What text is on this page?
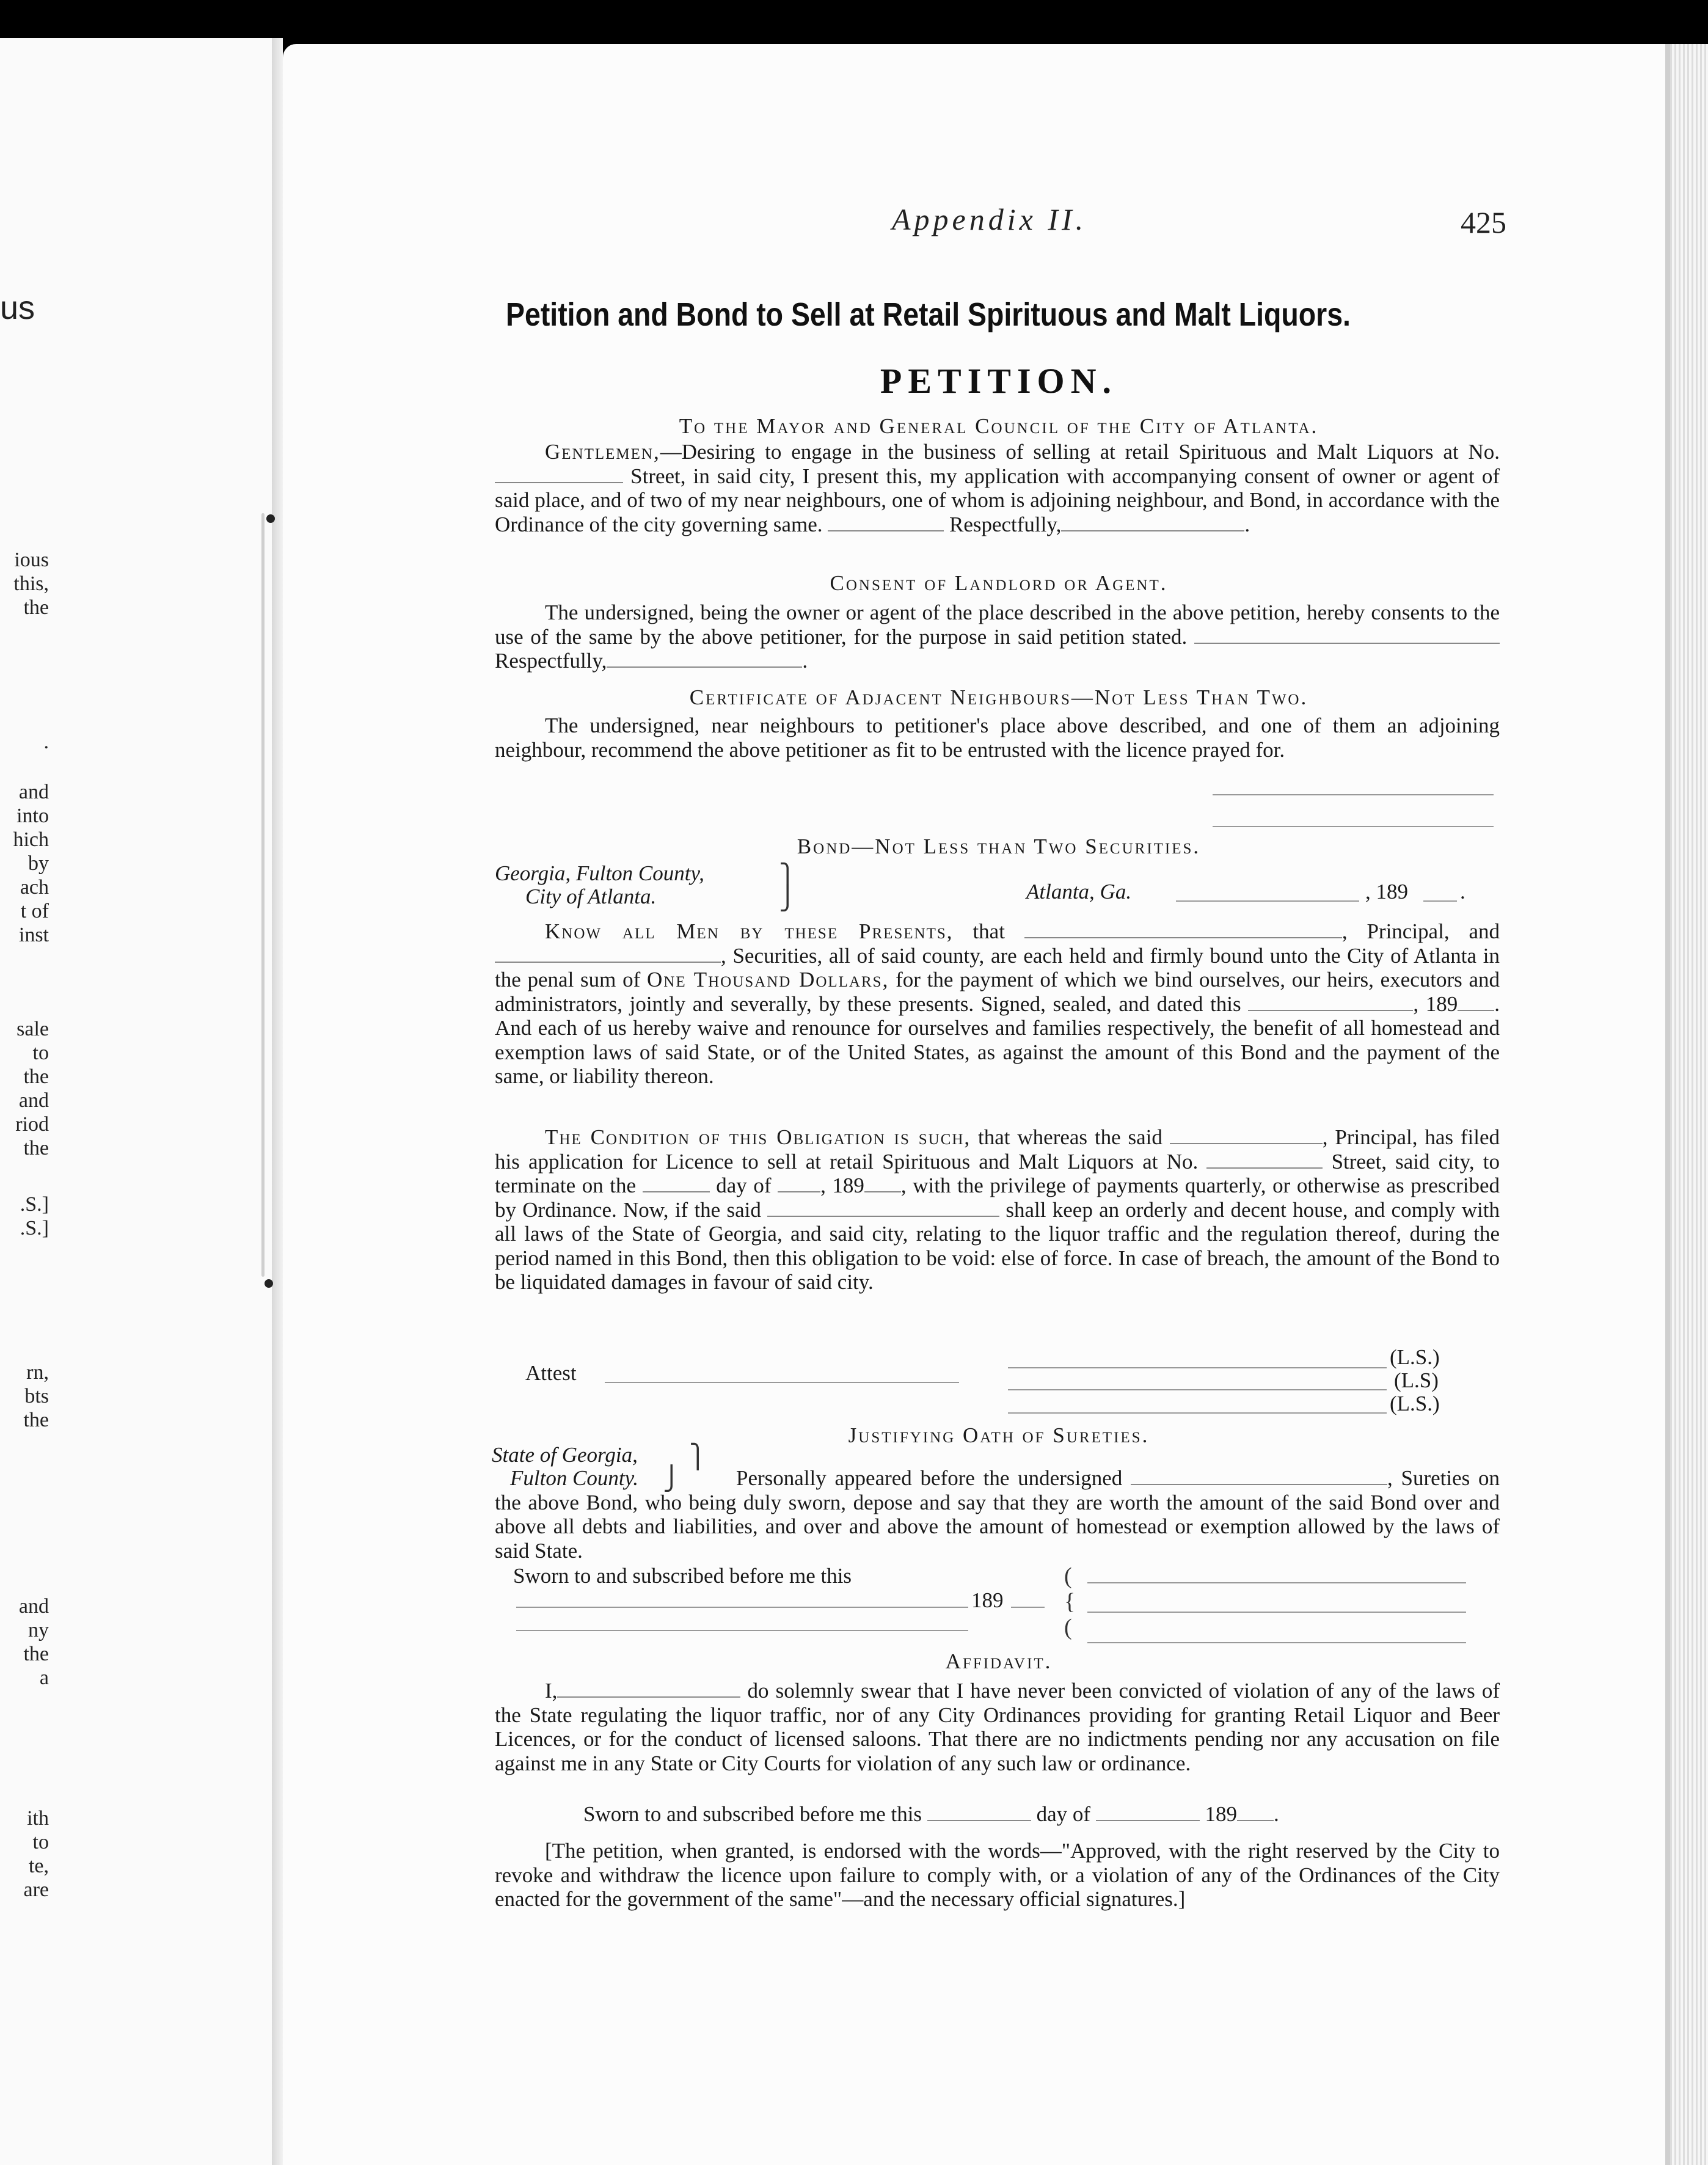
us
ious
this,
the
.
and
into
hich
by
ach
t of
inst
sale
to
the
and
riod
the
.S.]
.S.]
rn,
bts
the
and
ny
the
a
ith
to
te,
are
Appendix II.	425
Petition and Bond to Sell at Retail Spirituous and Malt Liquors.
PETITION.
To the Mayor and General Council of the City of Atlanta.
Gentlemen,—Desiring to engage in the business of selling at retail Spirituous and Malt Liquors at No.  Street, in said city, I present this, my application with accompanying consent of owner or agent of said place, and of two of my near neighbours, one of whom is adjoining neighbour, and Bond, in accordance with the Ordinance of the city governing same.	Respectfully,	.
Consent of Landlord or Agent.
The undersigned, being the owner or agent of the place described in the above petition, hereby consents to the use of the same by the above petitioner, for the purpose in said petition stated.  Respectfully,	.
Certificate of Adjacent Neighbours—Not Less Than Two.
The undersigned, near neighbours to petitioner's place above described, and one of them an adjoining neighbour, recommend the above petitioner as fit to be entrusted with the licence prayed for.
Bond—Not Less than Two Securities.
Georgia, Fulton County,
City of Atlanta.
⎫
⎭	Atlanta, Ga.	, 189 .
Know all Men by these Presents, that	, Principal, and , Securities, all of said county, are each held and firmly bound unto the City of Atlanta in the penal sum of One Thousand Dollars, for the payment of which we bind ourselves, our heirs, executors and administrators, jointly and severally, by these presents. Signed, sealed, and dated this	, 189 . And each of us hereby waive and renounce for ourselves and families respectively, the benefit of all homestead and exemption laws of said State, or of the United States, as against the amount of this Bond and the payment of the same, or liability thereon.
The Condition of this Obligation is such, that whereas the said	, Principal, has filed his application for Licence to sell at retail Spirituous and Malt Liquors at No.	Street, said city, to terminate on the	day of , 189 , with the privilege of payments quarterly, or otherwise as prescribed by Ordinance. Now, if the said	shall keep an orderly and decent house, and comply with all laws of the State of Georgia, and said city, relating to the liquor traffic and the regulation thereof, during the period named in this Bond, then this obligation to be void: else of force. In case of breach, the amount of the Bond to be liquidated damages in favour of said city.
Attest
(L.S.)
(L.S)
(L.S.)
Justifying Oath of Sureties.
State of Georgia, ⎫
Fulton County. ⎭	Personally appeared before the undersigned	, Sureties on the above Bond, who being duly sworn, depose and say that they are worth the amount of the said Bond over and above all debts and liabilities, and over and above the amount of homestead or exemption allowed by the laws of said State.
Sworn to and subscribed before me this
189
(
{
(
Affidavit.
I,	do solemnly swear that I have never been convicted of violation of any of the laws of the State regulating the liquor traffic, nor of any City Ordinances providing for granting Retail Liquor and Beer Licences, or for the conduct of licensed saloons. That there are no indictments pending nor any accusation on file against me in any State or City Courts for violation of any such law or ordinance.
Sworn to and subscribed before me this	day of	189 .
[The petition, when granted, is endorsed with the words—"Approved, with the right reserved by the City to revoke and withdraw the licence upon failure to comply with, or a violation of any of the Ordinances of the City enacted for the government of the same"—and the necessary official signatures.]
